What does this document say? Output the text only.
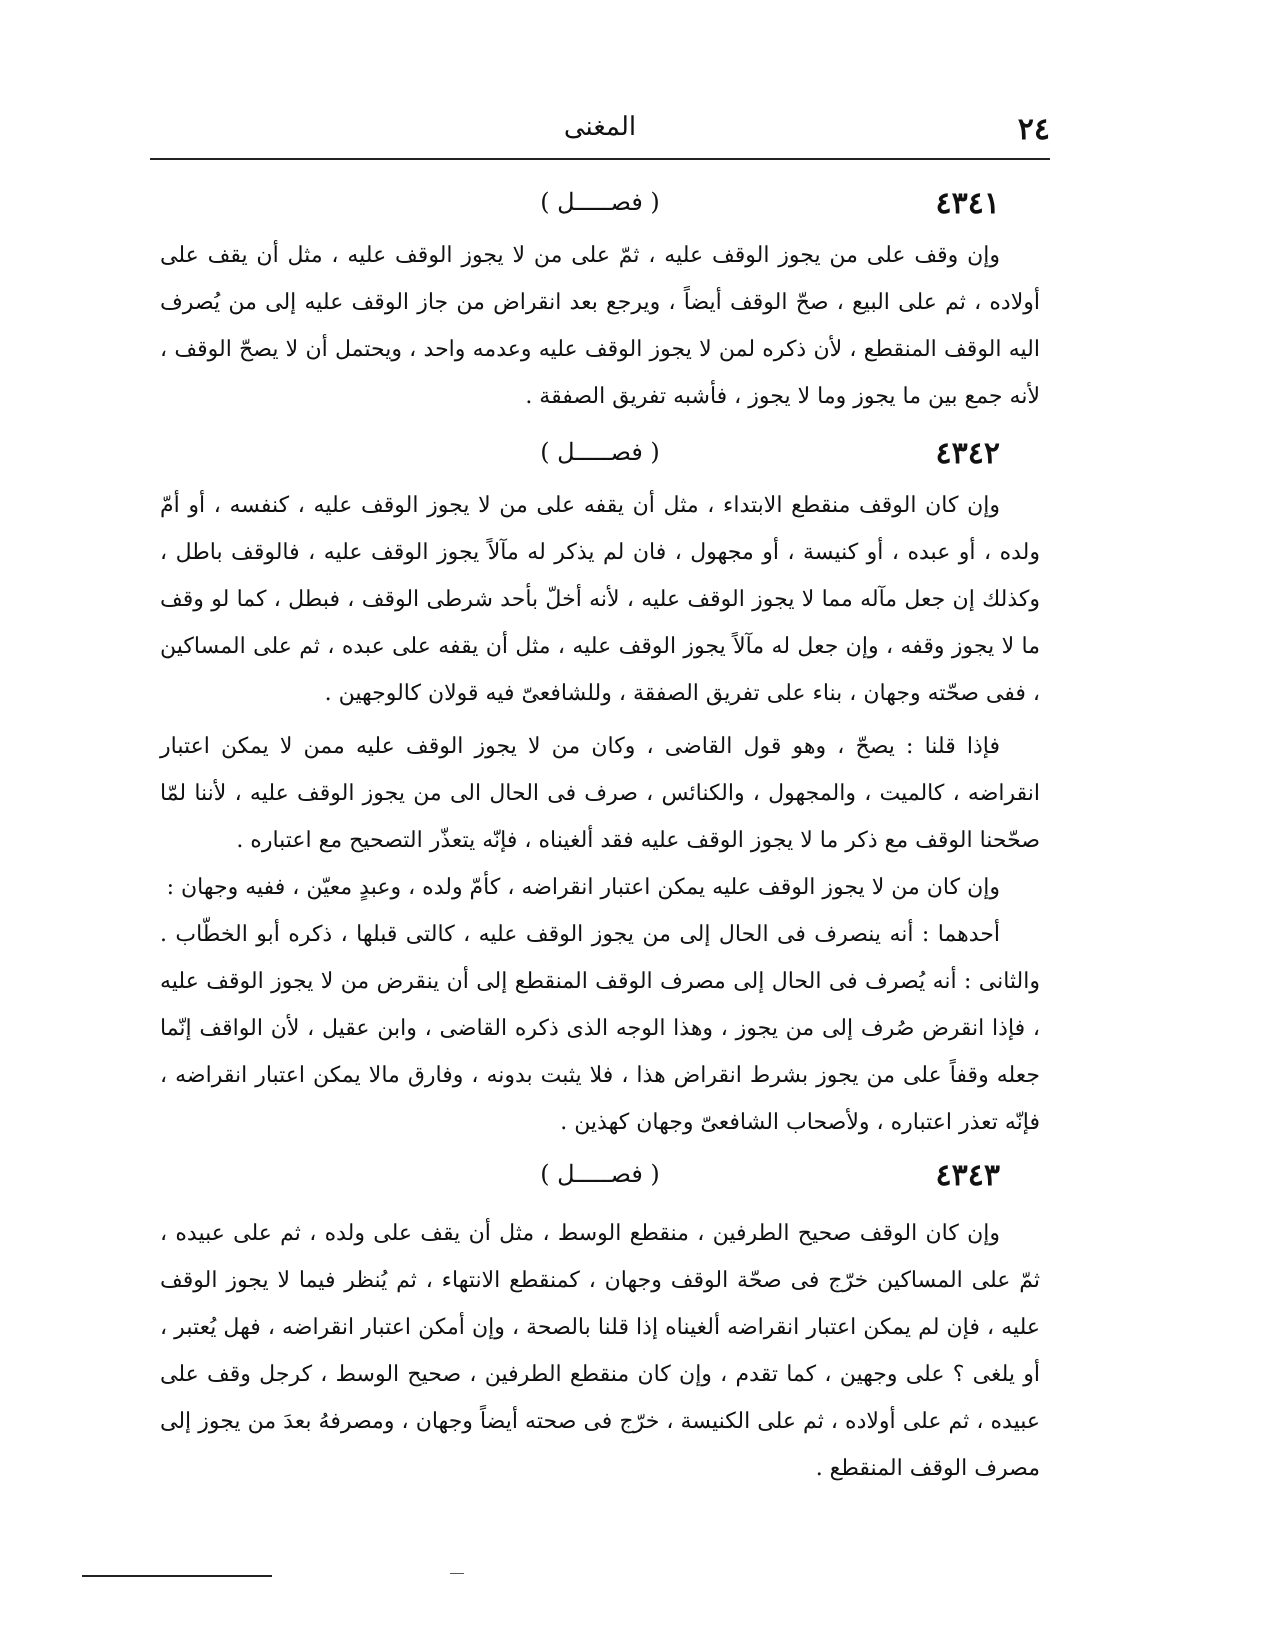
٢٤
المغنى
٤٣٤١
( فصـــــل )

وإن وقف على من يجوز الوقف عليه ، ثمّ على من لا يجوز الوقف عليه ، مثل أن يقف على أولاده ، ثم على البيع ، صحّ الوقف أيضاً ، ويرجع بعد انقراض من جاز الوقف عليه إلى من يُصرف اليه الوقف المنقطع ، لأن ذكره لمن لا يجوز الوقف عليه وعدمه واحد ، ويحتمل أن لا يصحّ الوقف ، لأنه جمع بين ما يجوز وما لا يجوز ، فأشبه تفريق الصفقة .

٤٣٤٢
( فصـــــل )

وإن كان الوقف منقطع الابتداء ، مثل أن يقفه على من لا يجوز الوقف عليه ، كنفسه ، أو أمّ ولده ، أو عبده ، أو كنيسة ، أو مجهول ، فان لم يذكر له مآلاً يجوز الوقف عليه ، فالوقف باطل ، وكذلك إن جعل مآله مما لا يجوز الوقف عليه ، لأنه أخلّ بأحد شرطى الوقف ، فبطل ، كما لو وقف ما لا يجوز وقفه ، وإن جعل له مآلاً يجوز الوقف عليه ، مثل أن يقفه على عبده ، ثم على المساكين ، ففى صحّته وجهان ، بناء على تفريق الصفقة ، وللشافعىّ فيه قولان كالوجهين .

فإذا قلنا : يصحّ ، وهو قول القاضى ، وكان من لا يجوز الوقف عليه ممن لا يمكن اعتبار انقراضه ، كالميت ، والمجهول ، والكنائس ، صرف فى الحال الى من يجوز الوقف عليه ، لأننا لمّا صحّحنا الوقف مع ذكر ما لا يجوز الوقف عليه فقد ألغيناه ، فإنّه يتعذّر التصحيح مع اعتباره .

وإن كان من لا يجوز الوقف عليه يمكن اعتبار انقراضه ، كأمّ ولده ، وعبدٍ معيّن ، ففيه وجهان :

أحدهما : أنه ينصرف فى الحال إلى من يجوز الوقف عليه ، كالتى قبلها ، ذكره أبو الخطّاب . والثانى : أنه يُصرف فى الحال إلى مصرف الوقف المنقطع إلى أن ينقرض من لا يجوز الوقف عليه ، فإذا انقرض صُرف إلى من يجوز ، وهذا الوجه الذى ذكره القاضى ، وابن عقيل ، لأن الواقف إنّما جعله وقفاً على من يجوز بشرط انقراض هذا ، فلا يثبت بدونه ، وفارق مالا يمكن اعتبار انقراضه ، فإنّه تعذر اعتباره ، ولأصحاب الشافعىّ وجهان كهذين .

٤٣٤٣
( فصـــــل )

وإن كان الوقف صحيح الطرفين ، منقطع الوسط ، مثل أن يقف على ولده ، ثم على عبيده ، ثمّ على المساكين خرّج فى صحّة الوقف وجهان ، كمنقطع الانتهاء ، ثم يُنظر فيما لا يجوز الوقف عليه ، فإن لم يمكن اعتبار انقراضه ألغيناه إذا قلنا بالصحة ، وإن أمكن اعتبار انقراضه ، فهل يُعتبر ، أو يلغى ؟ على وجهين ، كما تقدم ، وإن كان منقطع الطرفين ، صحيح الوسط ، كرجل وقف على عبيده ، ثم على أولاده ، ثم على الكنيسة ، خرّج فى صحته أيضاً وجهان ، ومصرفهُ بعدَ من يجوز إلى مصرف الوقف المنقطع .
